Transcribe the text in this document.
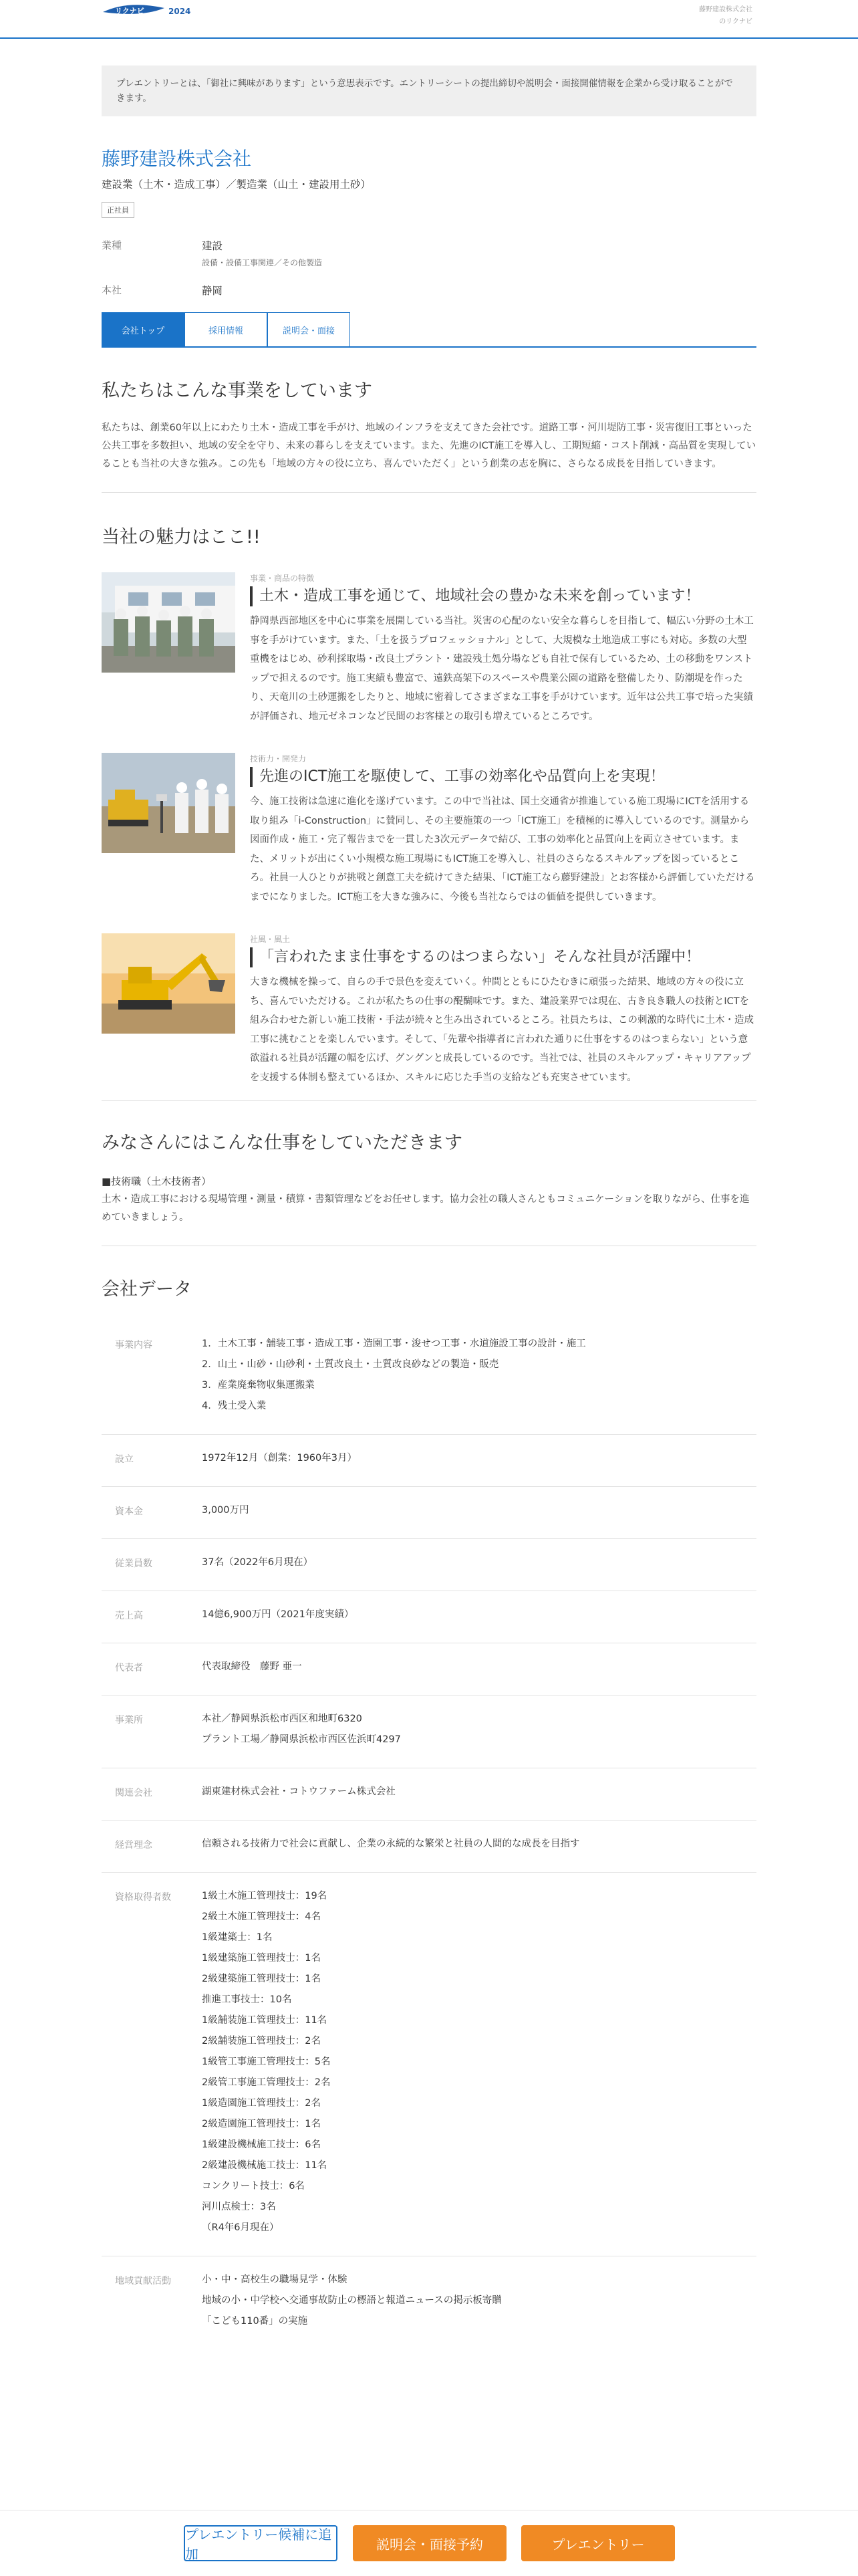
リクナビ	2024	藤野建設株式会社
のリクナビ
プレエントリーとは、「御社に興味があります」という意思表示です。エントリーシートの提出締切や説明会・面接開催情報を企業から受け取ることができます。
藤野建設株式会社
建設業（土木・造成工事）／製造業（山土・建設用土砂）
正社員
業種	建設
設備・設備工事関連／その他製造
本社	静岡
会社トップ	採用情報	説明会・面接
私たちはこんな事業をしています
私たちは、創業60年以上にわたり土木・造成工事を手がけ、地域のインフラを支えてきた会社です。道路工事・河川堤防工事・災害復旧工事といった公共工事を多数担い、地域の安全を守り、未来の暮らしを支えています。また、先進のICT施工を導入し、工期短縮・コスト削減・高品質を実現していることも当社の大きな強み。この先も「地域の方々の役に立ち、喜んでいただく」という創業の志を胸に、さらなる成長を目指していきます。
当社の魅力はここ!!
事業・商品の特徴
土木・造成工事を通じて、地域社会の豊かな未来を創っています！
静岡県西部地区を中心に事業を展開している当社。災害の心配のない安全な暮らしを目指して、幅広い分野の土木工事を手がけています。また、「土を扱うプロフェッショナル」として、大規模な土地造成工事にも対応。多数の大型重機をはじめ、砂利採取場・改良土プラント・建設残土処分場なども自社で保有しているため、土の移動をワンストップで担えるのです。施工実績も豊富で、遠鉄高架下のスペースや農業公園の道路を整備したり、防潮堤を作ったり、天竜川の土砂運搬をしたりと、地域に密着してさまざまな工事を手がけています。近年は公共工事で培った実績が評価され、地元ゼネコンなど民間のお客様との取引も増えているところです。
技術力・開発力
先進のICT施工を駆使して、工事の効率化や品質向上を実現！
今、施工技術は急速に進化を遂げています。この中で当社は、国土交通省が推進している施工現場にICTを活用する取り組み「i-Construction」に賛同し、その主要施策の一つ「ICT施工」を積極的に導入しているのです。測量から図面作成・施工・完了報告までを一貫した3次元データで結び、工事の効率化と品質向上を両立させています。また、メリットが出にくい小規模な施工現場にもICT施工を導入し、社員のさらなるスキルアップを図っているところ。社員一人ひとりが挑戦と創意工夫を続けてきた結果、「ICT施工なら藤野建設」とお客様から評価していただけるまでになりました。ICT施工を大きな強みに、今後も当社ならではの価値を提供していきます。
社風・風土
「言われたまま仕事をするのはつまらない」そんな社員が活躍中！
大きな機械を操って、自らの手で景色を変えていく。仲間とともにひたむきに頑張った結果、地域の方々の役に立ち、喜んでいただける。これが私たちの仕事の醍醐味です。また、建設業界では現在、古き良き職人の技術とICTを組み合わせた新しい施工技術・手法が続々と生み出されているところ。社員たちは、この刺激的な時代に土木・造成工事に挑むことを楽しんでいます。そして、「先輩や指導者に言われた通りに仕事をするのはつまらない」という意欲溢れる社員が活躍の幅を広げ、グングンと成長しているのです。当社では、社員のスキルアップ・キャリアアップを支援する体制も整えているほか、スキルに応じた手当の支給なども充実させています。
みなさんにはこんな仕事をしていただきます
■技術職（土木技術者）
土木・造成工事における現場管理・測量・積算・書類管理などをお任せします。協力会社の職人さんともコミュニケーションを取りながら、仕事を進めていきましょう。
会社データ
事業内容	1．土木工事・舗装工事・造成工事・造園工事・浚せつ工事・水道施設工事の設計・施工
2．山土・山砂・山砂利・土質改良土・土質改良砂などの製造・販売
3．産業廃棄物収集運搬業
4．残土受入業
設立	1972年12月（創業：1960年3月）
資本金	3,000万円
従業員数	37名（2022年6月現在）
売上高	14億6,900万円（2021年度実績）
代表者	代表取締役　藤野 亜一
事業所	本社／静岡県浜松市西区和地町6320
プラント工場／静岡県浜松市西区佐浜町4297
関連会社	湖東建材株式会社・コトウファーム株式会社
経営理念	信頼される技術力で社会に貢献し、企業の永続的な繁栄と社員の人間的な成長を目指す
資格取得者数	1級土木施工管理技士：19名
2級土木施工管理技士：4名
1級建築士：1名
1級建築施工管理技士：1名
2級建築施工管理技士：1名
推進工事技士：10名
1級舗装施工管理技士：11名
2級舗装施工管理技士：2名
1級管工事施工管理技士：5名
2級管工事施工管理技士：2名
1級造園施工管理技士：2名
2級造園施工管理技士：1名
1級建設機械施工技士：6名
2級建設機械施工技士：11名
コンクリート技士：6名
河川点検士：3名
（R4年6月現在）
地域貢献活動	小・中・高校生の職場見学・体験
地域の小・中学校へ交通事故防止の標語と報道ニュースの掲示板寄贈
「こども110番」の実施
プレエントリー候補に追加
説明会・面接予約	プレエントリー
